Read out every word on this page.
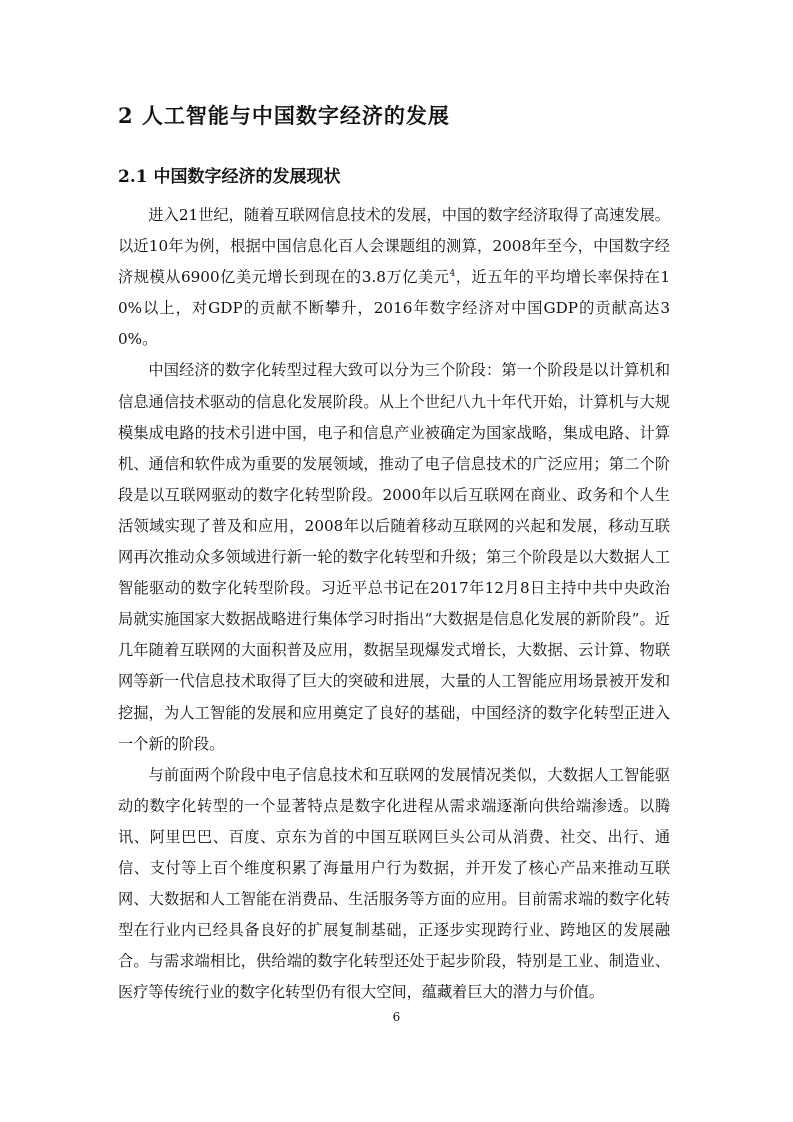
2 人工智能与中国数字经济的发展
2.1 中国数字经济的发展现状

进入21世纪，随着互联网信息技术的发展，中国的数字经济取得了高速发展。以近10年为例，根据中国信息化百人会课题组的测算，2008年至今，中国数字经济规模从6900亿美元增长到现在的3.8万亿美元$^4$，近五年的平均增长率保持在10%以上，对GDP的贡献不断攀升，2016年数字经济对中国GDP的贡献高达30%。

中国经济的数字化转型过程大致可以分为三个阶段：第一个阶段是以计算机和信息通信技术驱动的信息化发展阶段。从上个世纪八九十年代开始，计算机与大规模集成电路的技术引进中国，电子和信息产业被确定为国家战略，集成电路、计算机、通信和软件成为重要的发展领域，推动了电子信息技术的广泛应用；第二个阶段是以互联网驱动的数字化转型阶段。2000年以后互联网在商业、政务和个人生活领域实现了普及和应用，2008年以后随着移动互联网的兴起和发展，移动互联网再次推动众多领域进行新一轮的数字化转型和升级；第三个阶段是以大数据人工智能驱动的数字化转型阶段。习近平总书记在2017年12月8日主持中共中央政治局就实施国家大数据战略进行集体学习时指出“大数据是信息化发展的新阶段”。近几年随着互联网的大面积普及应用，数据呈现爆发式增长，大数据、云计算、物联网等新一代信息技术取得了巨大的突破和进展，大量的人工智能应用场景被开发和挖掘，为人工智能的发展和应用奠定了良好的基础，中国经济的数字化转型正进入一个新的阶段。

与前面两个阶段中电子信息技术和互联网的发展情况类似，大数据人工智能驱动的数字化转型的一个显著特点是数字化进程从需求端逐渐向供给端渗透。以腾讯、阿里巴巴、百度、京东为首的中国互联网巨头公司从消费、社交、出行、通信、支付等上百个维度积累了海量用户行为数据，并开发了核心产品来推动互联网、大数据和人工智能在消费品、生活服务等方面的应用。目前需求端的数字化转型在行业内已经具备良好的扩展复制基础，正逐步实现跨行业、跨地区的发展融合。与需求端相比，供给端的数字化转型还处于起步阶段，特别是工业、制造业、医疗等传统行业的数字化转型仍有很大空间，蕴藏着巨大的潜力与价值。

6
